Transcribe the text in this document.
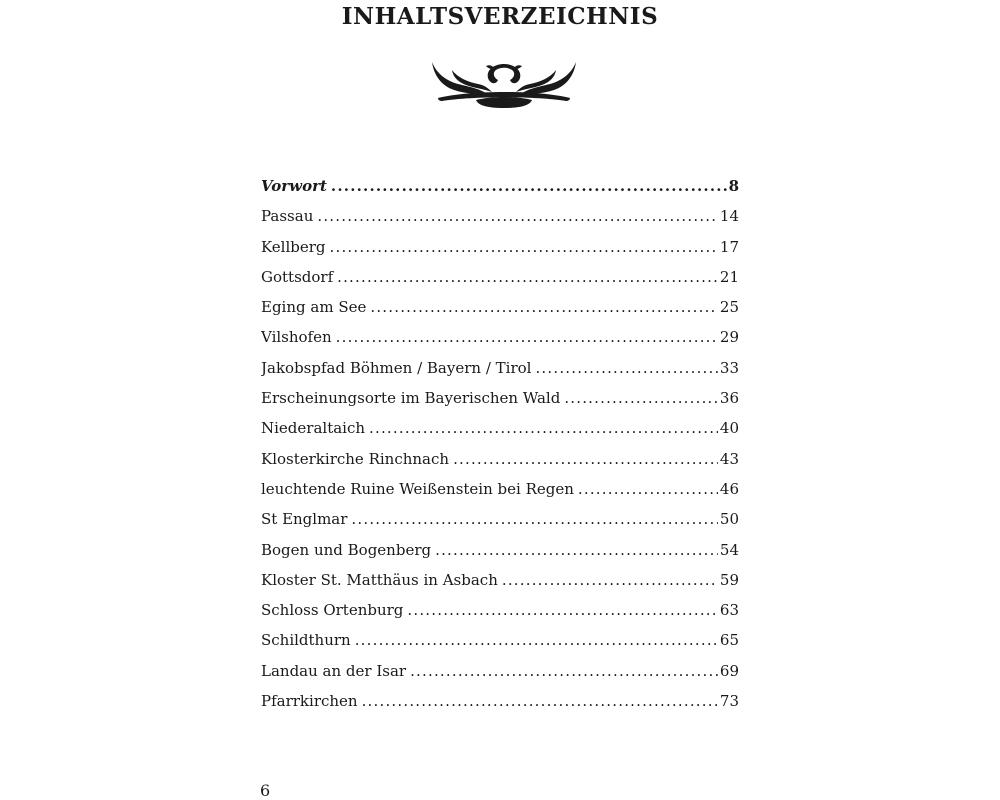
INHALTSVERZEICHNIS
Vorwort .....	8
Passau .....	14
Kellberg .....	17
Gottsdorf .....	21
Eging am See .....	25
Vilshofen .....	29
Jakobspfad Böhmen / Bayern / Tirol .....	33
Erscheinungsorte im Bayerischen Wald .....	36
Niederaltaich .....	40
Klosterkirche Rinchnach .....	43
leuchtende Ruine Weißenstein bei Regen .....	46
St Englmar .....	50
Bogen und Bogenberg .....	54
Kloster St. Matthäus in Asbach .....	59
Schloss Ortenburg .....	63
Schildthurn .....	65
Landau an der Isar .....	69
Pfarrkirchen .....	73
6
